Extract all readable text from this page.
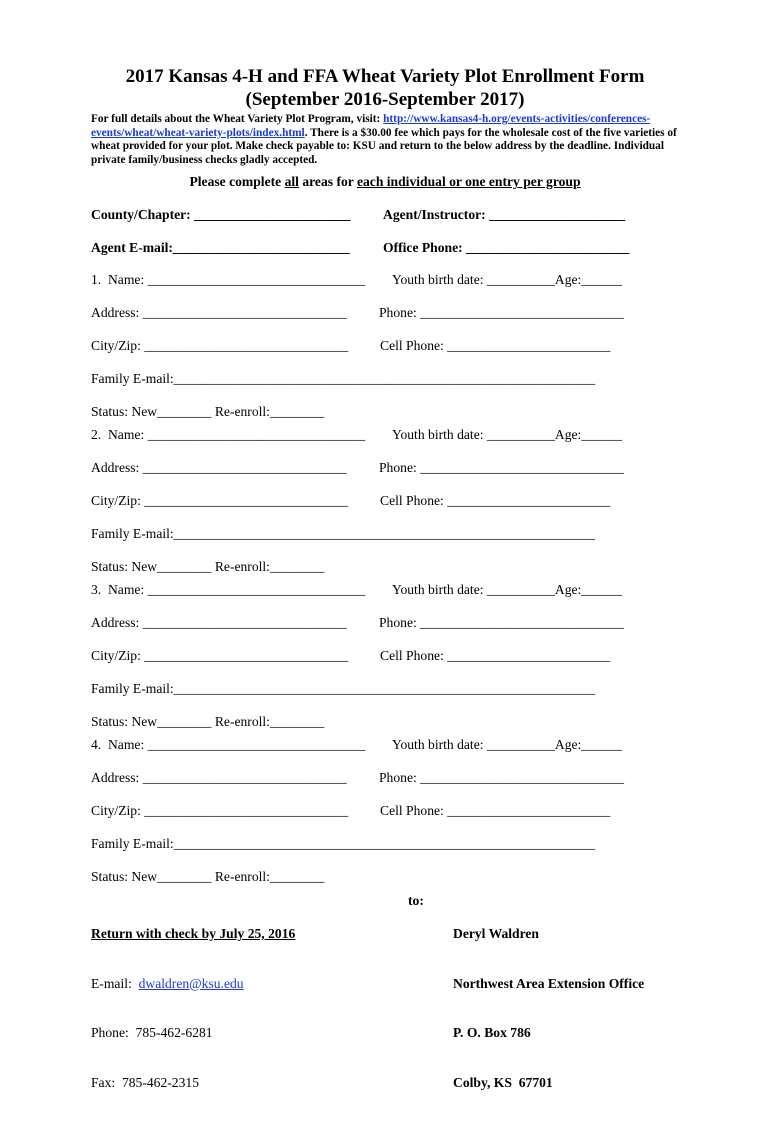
2017 Kansas 4-H and FFA Wheat Variety Plot Enrollment Form
(September 2016-September 2017)
For full details about the Wheat Variety Plot Program, visit: http://www.kansas4-h.org/events-activities/conferences-events/wheat/wheat-variety-plots/index.html. There is a $30.00 fee which pays for the wholesale cost of the five varieties of wheat provided for your plot. Make check payable to: KSU and return to the below address by the deadline. Individual private family/business checks gladly accepted.
Please complete all areas for each individual or one entry per group
County/Chapter: _______________________ Agent/Instructor: ____________________
Agent E-mail:__________________________ Office Phone: ________________________
1.  Name: ________________________________ Youth birth date: __________Age:______
Address: ______________________________ Phone: ______________________________
City/Zip: ______________________________ Cell Phone: ________________________
Family E-mail:______________________________________________________________
Status: New________ Re-enroll:________
2.  Name: ________________________________ Youth birth date: __________Age:______
Address: ______________________________ Phone: ______________________________
City/Zip: ______________________________ Cell Phone: ________________________
Family E-mail:______________________________________________________________
Status: New________ Re-enroll:________
3.  Name: ________________________________ Youth birth date: __________Age:______
Address: ______________________________ Phone: ______________________________
City/Zip: ______________________________ Cell Phone: ________________________
Family E-mail:______________________________________________________________
Status: New________ Re-enroll:________
4.  Name: ________________________________ Youth birth date: __________Age:______
Address: ______________________________ Phone: ______________________________
City/Zip: ______________________________ Cell Phone: ________________________
Family E-mail:______________________________________________________________
Status: New________ Re-enroll:________

Return with check by July 25, 2016

E-mail:  dwaldren@ksu.edu

Phone:  785-462-6281

Fax:  785-462-2315

to:

Deryl Waldren

Northwest Area Extension Office

P. O. Box 786

Colby, KS  67701
